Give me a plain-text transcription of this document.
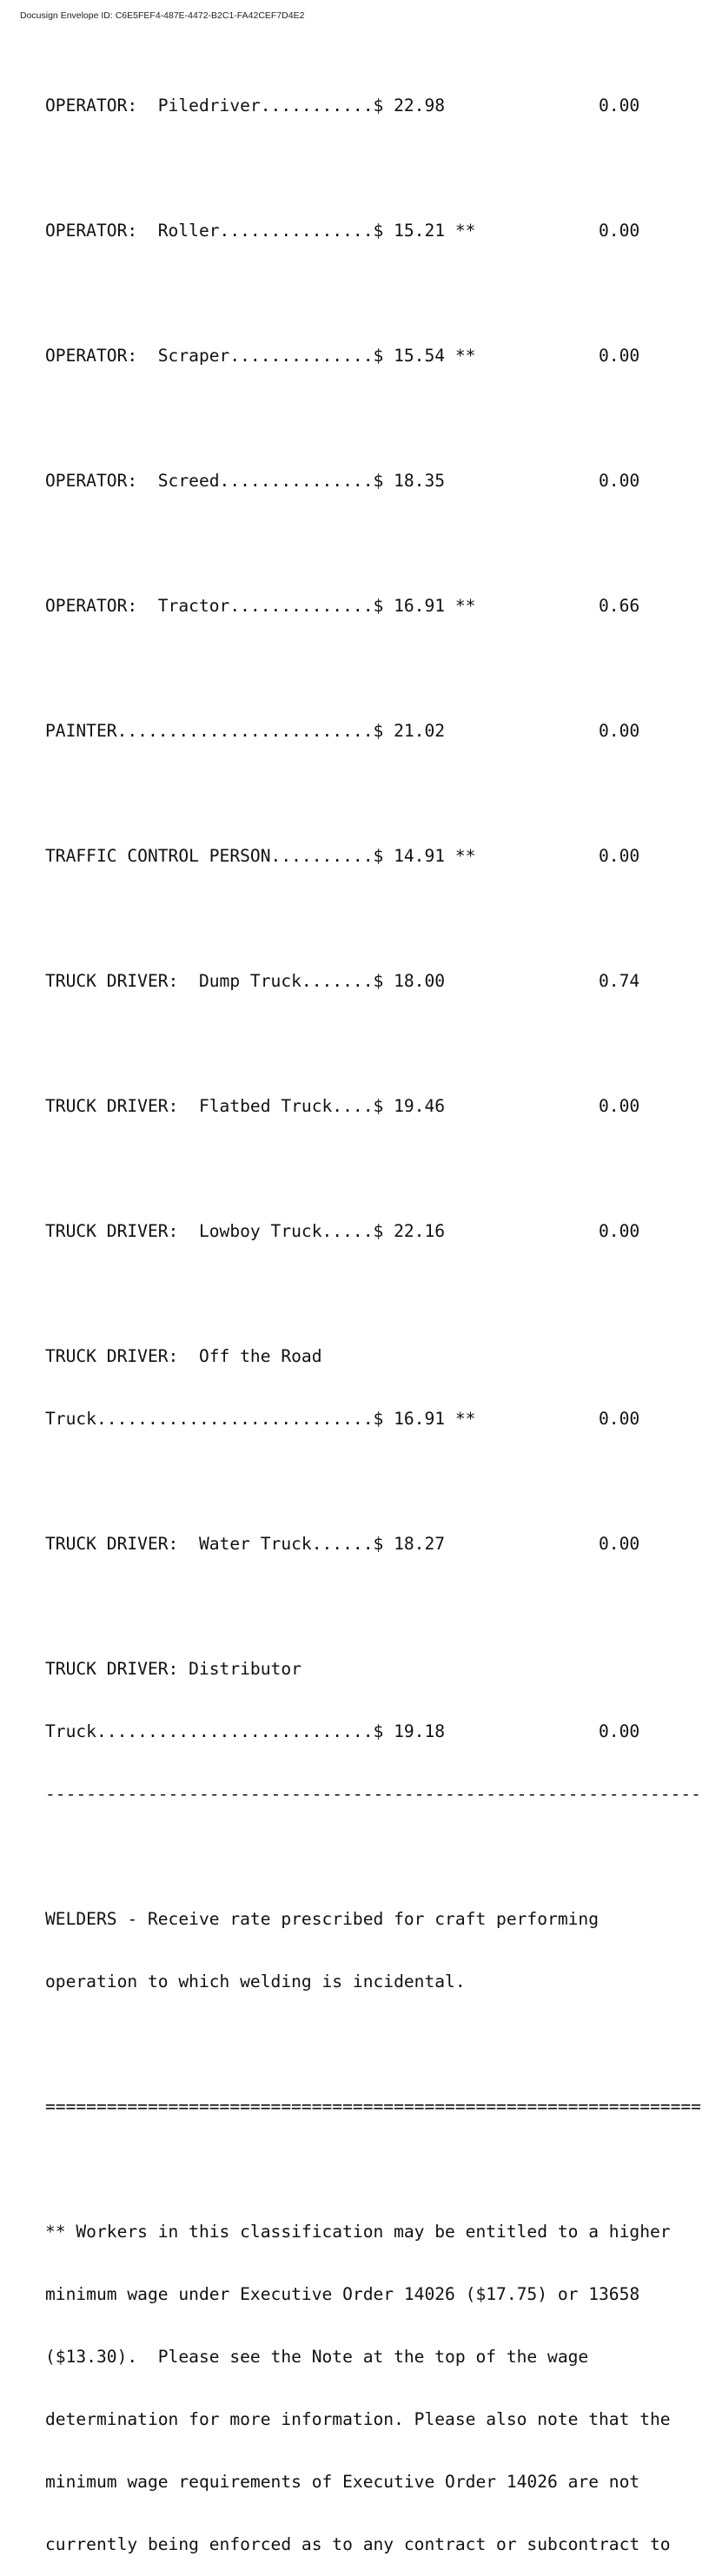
Docusign Envelope ID: C6E5FEF4-487E-4472-B2C1-FA42CEF7D4E2

OPERATOR:  Piledriver...........$ 22.98               0.00

OPERATOR:  Roller...............$ 15.21 **            0.00

OPERATOR:  Scraper..............$ 15.54 **            0.00

OPERATOR:  Screed...............$ 18.35               0.00

OPERATOR:  Tractor..............$ 16.91 **            0.66

PAINTER.........................$ 21.02               0.00

TRAFFIC CONTROL PERSON..........$ 14.91 **            0.00

TRUCK DRIVER:  Dump Truck.......$ 18.00               0.74

TRUCK DRIVER:  Flatbed Truck....$ 19.46               0.00

TRUCK DRIVER:  Lowboy Truck.....$ 22.16               0.00

TRUCK DRIVER:  Off the Road

Truck...........................$ 16.91 **            0.00

TRUCK DRIVER:  Water Truck......$ 18.27               0.00

TRUCK DRIVER: Distributor

Truck...........................$ 19.18               0.00

----------------------------------------------------------------

WELDERS - Receive rate prescribed for craft performing

operation to which welding is incidental.

================================================================

** Workers in this classification may be entitled to a higher

minimum wage under Executive Order 14026 ($17.75) or 13658

($13.30).  Please see the Note at the top of the wage

determination for more information. Please also note that the

minimum wage requirements of Executive Order 14026 are not

currently being enforced as to any contract or subcontract to
